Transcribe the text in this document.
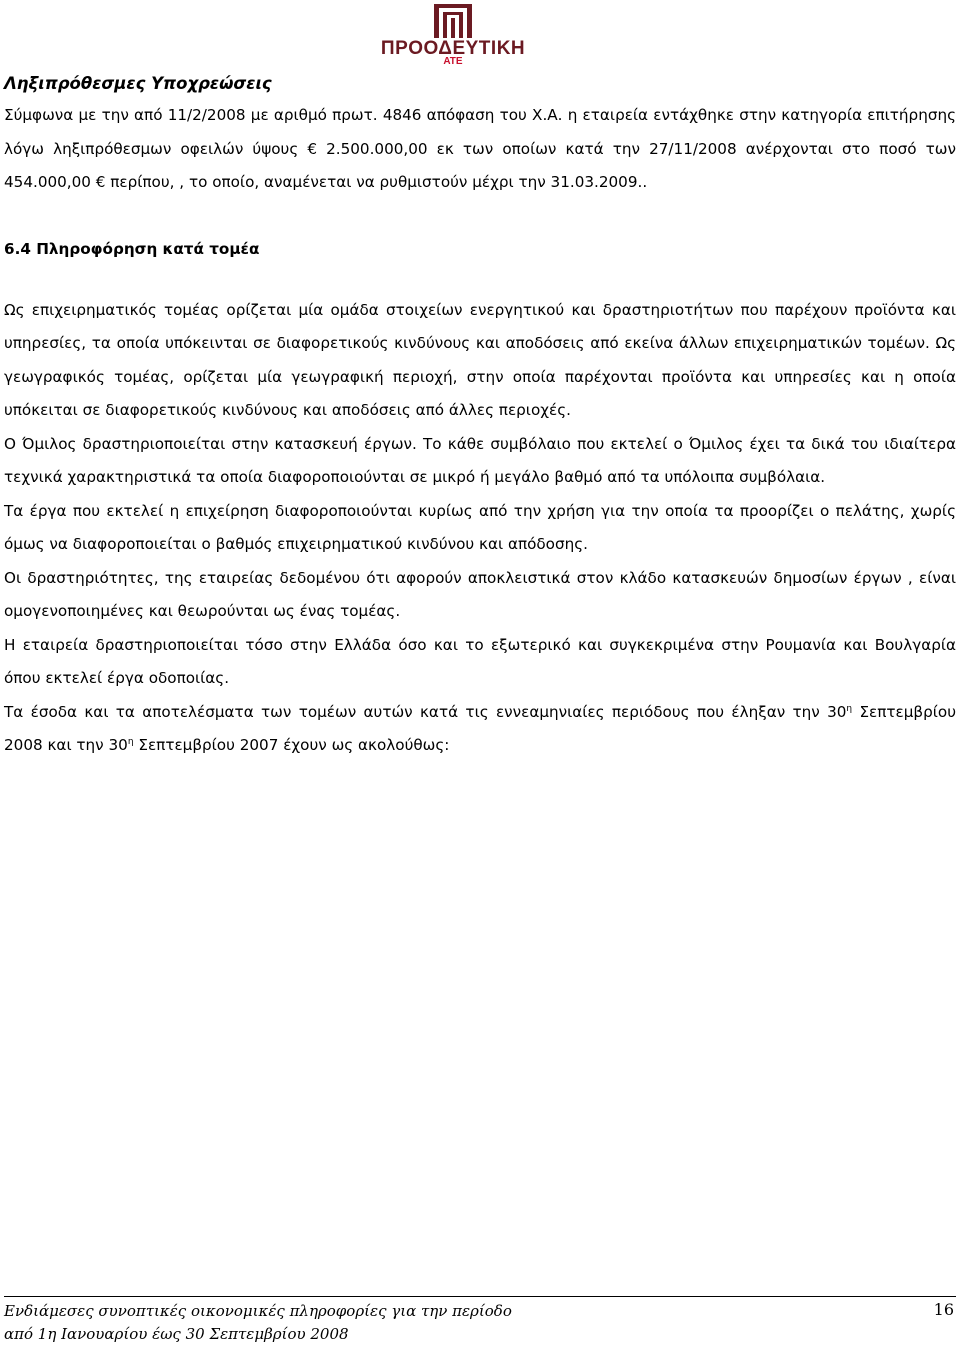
ΠΡΟΟΔΕΥΤΙΚΗ
ΑΤΕ
Ληξιπρόθεσμες Υποχρεώσεις

Σύμφωνα με την από 11/2/2008 με αριθμό πρωτ. 4846 απόφαση του Χ.Α. η εταιρεία εντάχθηκε στην κατηγορία επιτήρησης λόγω ληξιπρόθεσμων οφειλών ύψους € 2.500.000,00 εκ των οποίων κατά την 27/11/2008 ανέρχονται στο ποσό των 454.000,00 € περίπου, , το οποίο, αναμένεται να ρυθμιστούν μέχρι την 31.03.2009..

6.4 Πληροφόρηση κατά τομέα

Ως επιχειρηματικός τομέας ορίζεται μία ομάδα στοιχείων ενεργητικού και δραστηριοτήτων που παρέχουν προϊόντα και υπηρεσίες, τα οποία υπόκεινται σε διαφορετικούς κινδύνους και αποδόσεις από εκείνα άλλων επιχειρηματικών τομέων. Ως γεωγραφικός τομέας, ορίζεται μία γεωγραφική περιοχή, στην οποία παρέχονται προϊόντα και υπηρεσίες και η οποία υπόκειται σε διαφορετικούς κινδύνους και αποδόσεις από άλλες περιοχές.

Ο Όμιλος δραστηριοποιείται στην κατασκευή έργων. Το κάθε συμβόλαιο που εκτελεί ο Όμιλος έχει τα δικά του ιδιαίτερα τεχνικά χαρακτηριστικά τα οποία διαφοροποιούνται σε μικρό ή μεγάλο βαθμό από τα υπόλοιπα συμβόλαια.

Τα έργα που εκτελεί η επιχείρηση διαφοροποιούνται κυρίως από την χρήση για την οποία τα προορίζει ο πελάτης, χωρίς όμως να διαφοροποιείται ο βαθμός επιχειρηματικού κινδύνου και απόδοσης.

Οι δραστηριότητες, της εταιρείας δεδομένου ότι αφορούν αποκλειστικά στον κλάδο κατασκευών δημοσίων έργων , είναι ομογενοποιημένες και θεωρούνται ως ένας τομέας.

Η εταιρεία δραστηριοποιείται τόσο στην Ελλάδα όσο και το εξωτερικό και συγκεκριμένα στην Ρουμανία και Βουλγαρία όπου εκτελεί έργα οδοποιίας.

Τα έσοδα και τα αποτελέσματα των τομέων αυτών κατά τις εννεαμηνιαίες περιόδους που έληξαν την $30^\eta$ Σεπτεμβρίου 2008 και την $30^\eta$ Σεπτεμβρίου 2007 έχουν ως ακολούθως:

Ενδιάμεσες συνοπτικές οικονομικές πληροφορίες για την περίοδο
από 1η Ιανουαρίου έως 30 Σεπτεμβρίου 2008
16
